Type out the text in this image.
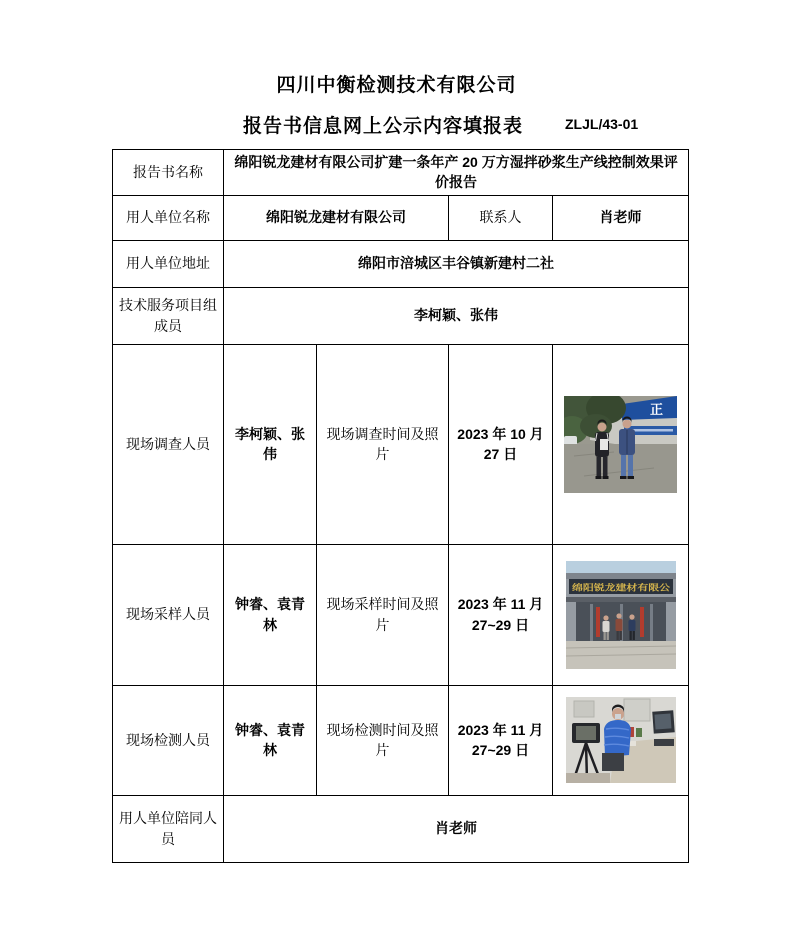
四川中衡检测技术有限公司
报告书信息网上公示内容填报表	ZLJL/43-01
报告书名称	绵阳锐龙建材有限公司扩建一条年产 20 万方湿拌砂浆生产线控制效果评价报告			
用人单位名称	绵阳锐龙建材有限公司		联系人	肖老师
用人单位地址	绵阳市涪城区丰谷镇新建村二社			
技术服务项目组成员	李柯颖、张伟			
现场调查人员	李柯颖、张伟	现场调查时间及照片	2023 年 10 月 27 日	正

现场采样人员	钟睿、袁青林	现场采样时间及照片	2023 年 11 月 27~29 日	绵阳锐龙建材有限公

现场检测人员	钟睿、袁青林	现场检测时间及照片	2023 年 11 月 27~29 日	

用人单位陪同人员	肖老师			
